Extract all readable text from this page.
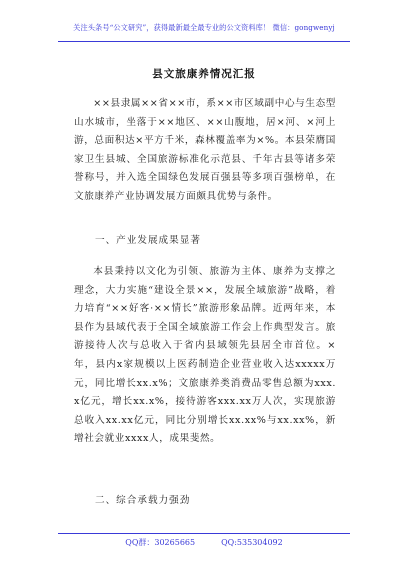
关注头条号“公文研究”，获得最新最全最专业的公文资料库！ 微信：gongwenyj
县文旅康养情况汇报
××县隶属××省××市，系××市区域副中心与生态型山水城市，坐落于××地区、××山腹地，居×河、×河上游，总面积达×平方千米，森林覆盖率为×%。本县荣膺国家卫生县城、全国旅游标准化示范县、千年古县等诸多荣誉称号，并入选全国绿色发展百强县等多项百强榜单，在文旅康养产业协调发展方面颇具优势与条件。
一、产业发展成果显著
本县秉持以文化为引领、旅游为主体、康养为支撑之理念，大力实施“建设全景××，发展全域旅游”战略，着力培育“××好客·××情长”旅游形象品牌。近两年来，本县作为县域代表于全国全域旅游工作会上作典型发言。旅游接待人次与总收入于省内县域领先县居全市首位。×年，县内x家规模以上医药制造企业营业收入达xxxxx万元，同比增长xx.x%；文旅康养类消费品零售总额为xxx.x亿元，增长xx.x%，接待游客xxx.xx万人次，实现旅游总收入xx.xx亿元，同比分别增长xx.xx%与xx.xx%，新增社会就业xxxx人，成果斐然。
二、综合承载力强劲
QQ群：30265665	QQ:535304092
